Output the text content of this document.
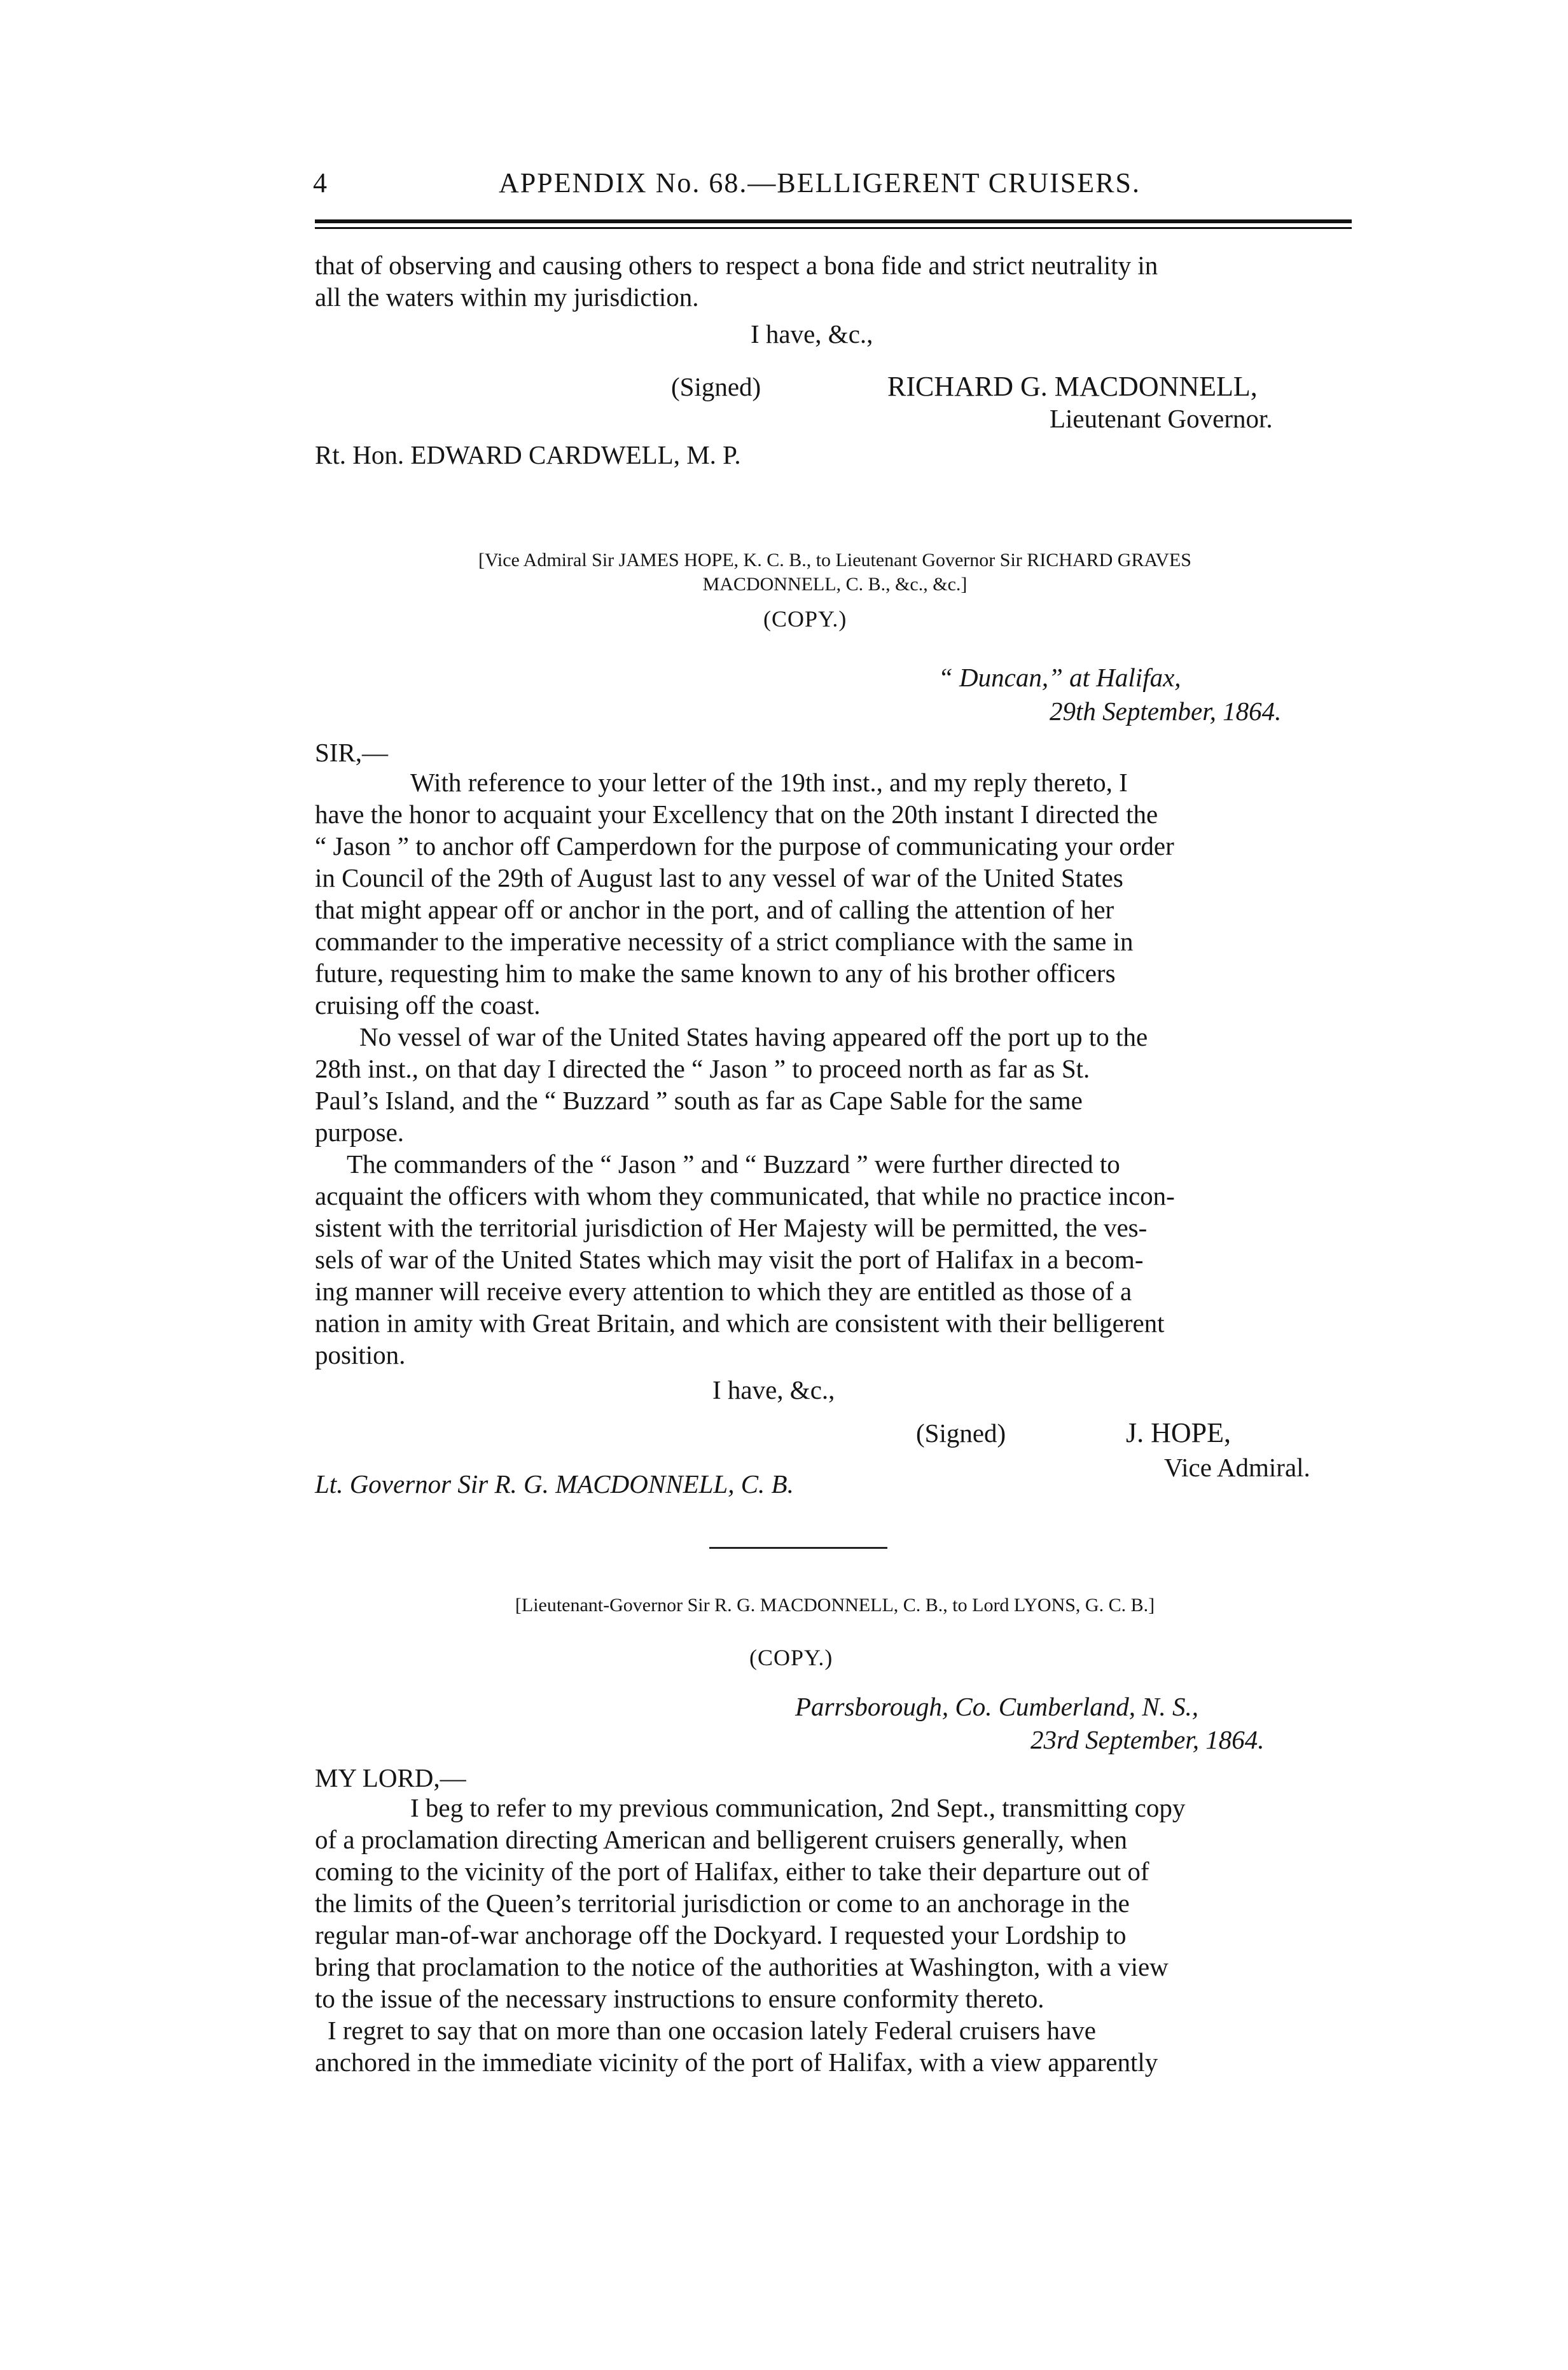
4	APPENDIX No. 68.—BELLIGERENT CRUISERS.
that of observing and causing others to respect a bona fide and strict neutrality in
all the waters within my jurisdiction.
I have, &c.,
(Signed)	RICHARD G. MACDONNELL,
Lieutenant Governor.
Rt. Hon. EDWARD CARDWELL, M. P.
[Vice Admiral Sir JAMES HOPE, K. C. B., to Lieutenant Governor Sir RICHARD GRAVES
MACDONNELL, C. B., &c., &c.]
(COPY.)
“ Duncan,” at Halifax,
29th September, 1864.
SIR,—
With reference to your letter of the 19th inst., and my reply thereto, I
have the honor to acquaint your Excellency that on the 20th instant I directed the
“ Jason ” to anchor off Camperdown for the purpose of communicating your order
in Council of the 29th of August last to any vessel of war of the United States
that might appear off or anchor in the port, and of calling the attention of her
commander to the imperative necessity of a strict compliance with the same in
future, requesting him to make the same known to any of his brother officers
cruising off the coast.
No vessel of war of the United States having appeared off the port up to the
28th inst., on that day I directed the “ Jason ” to proceed north as far as St.
Paul’s Island, and the “ Buzzard ” south as far as Cape Sable for the same
purpose.
The commanders of the “ Jason ” and “ Buzzard ” were further directed to
acquaint the officers with whom they communicated, that while no practice incon-
sistent with the territorial jurisdiction of Her Majesty will be permitted, the ves-
sels of war of the United States which may visit the port of Halifax in a becom-
ing manner will receive every attention to which they are entitled as those of a
nation in amity with Great Britain, and which are consistent with their belligerent
position.
I have, &c.,
(Signed)	J. HOPE,
Vice Admiral.
Lt. Governor Sir R. G. MACDONNELL, C. B.
[Lieutenant-Governor Sir R. G. MACDONNELL, C. B., to Lord LYONS, G. C. B.]
(COPY.)
Parrsborough, Co. Cumberland, N. S.,
23rd September, 1864.
MY LORD,—
I beg to refer to my previous communication, 2nd Sept., transmitting copy
of a proclamation directing American and belligerent cruisers generally, when
coming to the vicinity of the port of Halifax, either to take their departure out of
the limits of the Queen’s territorial jurisdiction or come to an anchorage in the
regular man-of-war anchorage off the Dockyard. I requested your Lordship to
bring that proclamation to the notice of the authorities at Washington, with a view
to the issue of the necessary instructions to ensure conformity thereto.
I regret to say that on more than one occasion lately Federal cruisers have
anchored in the immediate vicinity of the port of Halifax, with a view apparently
